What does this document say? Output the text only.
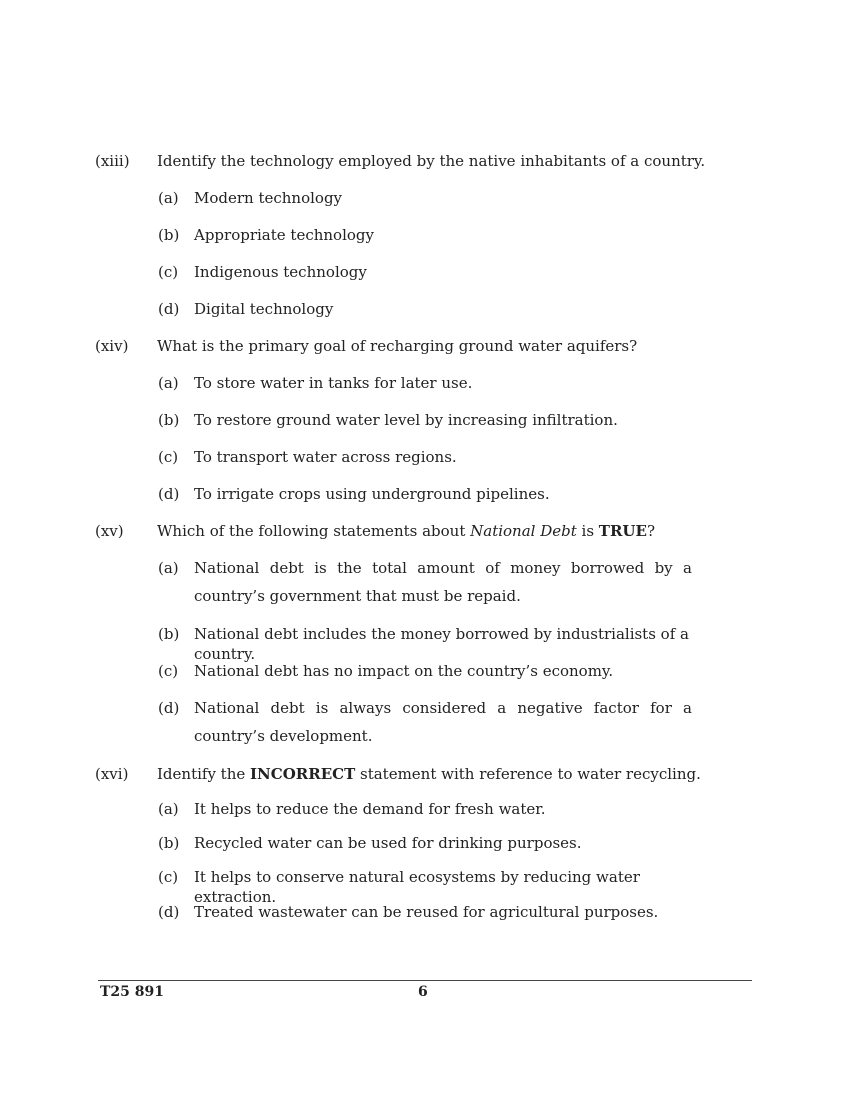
(xiii) Identify the technology employed by the native inhabitants of a country.
(a) Modern technology
(b) Appropriate technology
(c) Indigenous technology
(d) Digital technology
(xiv) What is the primary goal of recharging ground water aquifers?
(a) To store water in tanks for later use.
(b) To restore ground water level by increasing infiltration.
(c) To transport water across regions.
(d) To irrigate crops using underground pipelines.
(xv) Which of the following statements about National Debt is TRUE?
(a) National debt is the total amount of money borrowed by a country’s government that must be repaid.
(b) National debt includes the money borrowed by industrialists of a country.
(c) National debt has no impact on the country’s economy.
(d) National debt is always considered a negative factor for a country’s development.
(xvi) Identify the INCORRECT statement with reference to water recycling.
(a) It helps to reduce the demand for fresh water.
(b) Recycled water can be used for drinking purposes.
(c) It helps to conserve natural ecosystems by reducing water extraction.
(d) Treated wastewater can be reused for agricultural purposes.
T25 891	6
